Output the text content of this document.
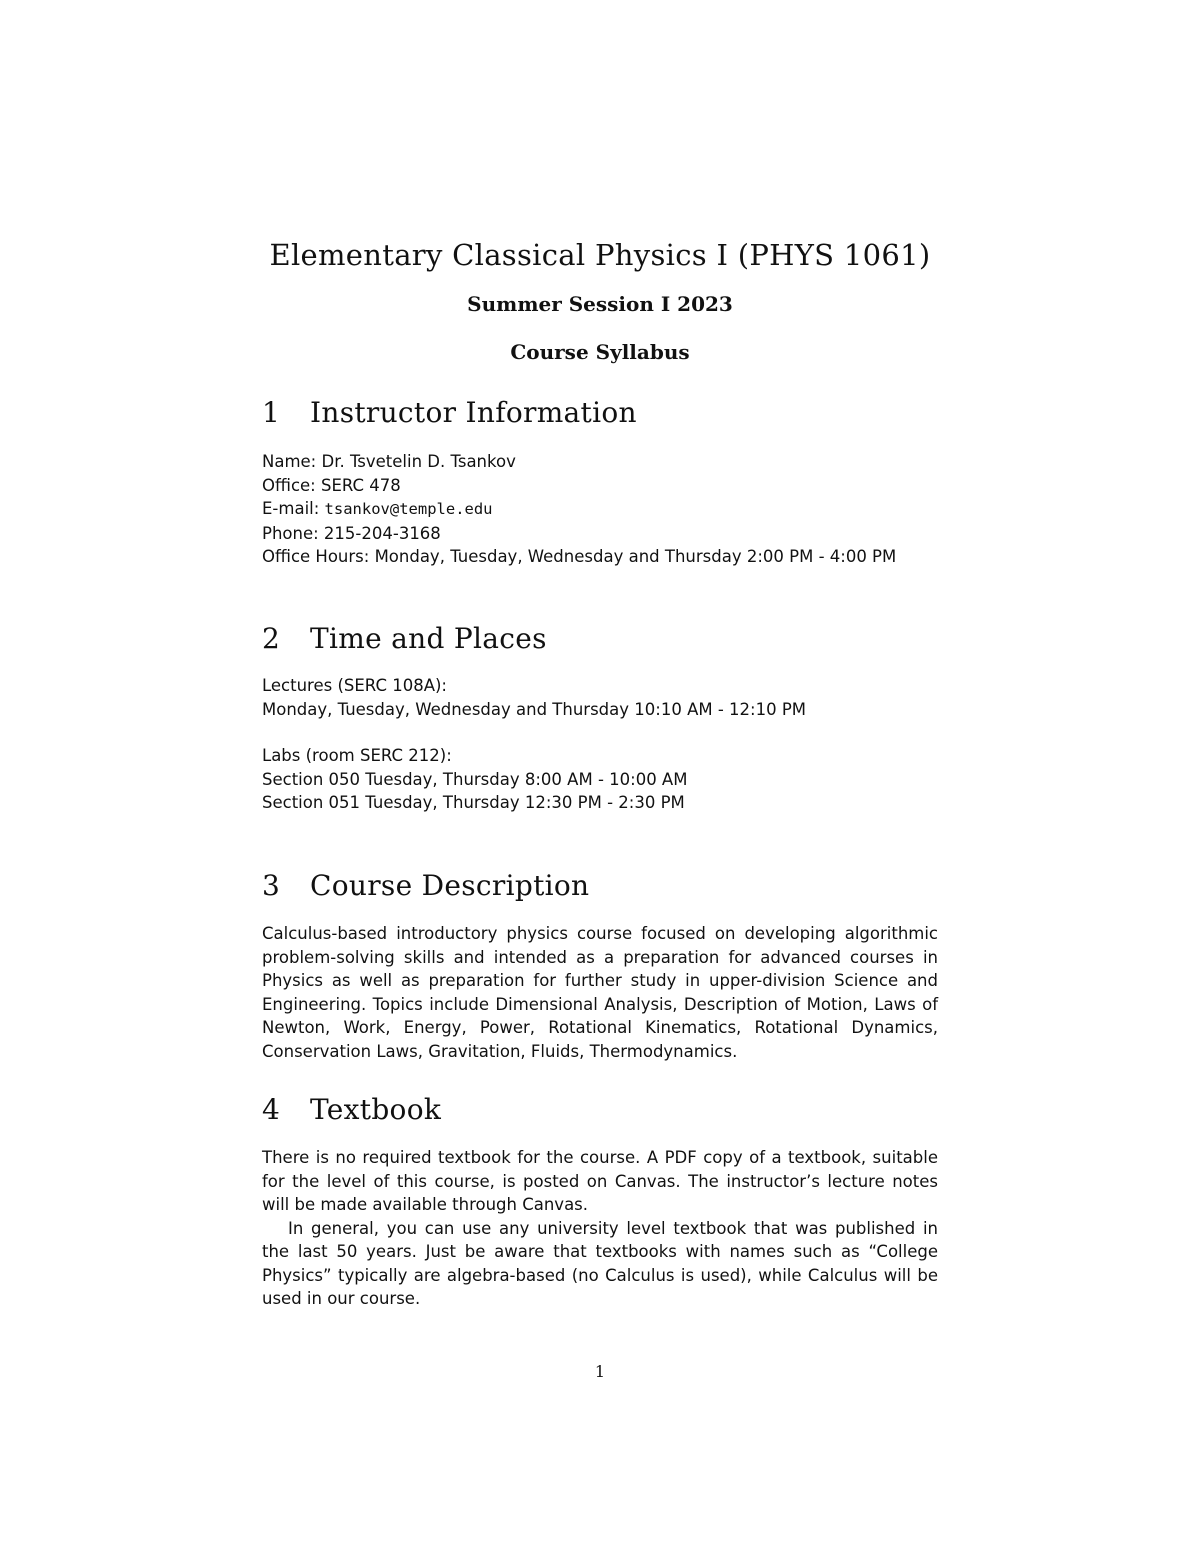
Elementary Classical Physics I (PHYS 1061)
Summer Session I 2023
Course Syllabus
1 Instructor Information
Name: Dr. Tsvetelin D. Tsankov
Office: SERC 478
E-mail: tsankov@temple.edu
Phone: 215-204-3168
Office Hours: Monday, Tuesday, Wednesday and Thursday 2:00 PM - 4:00 PM
2 Time and Places
Lectures (SERC 108A):
Monday, Tuesday, Wednesday and Thursday 10:10 AM - 12:10 PM
Labs (room SERC 212):
Section 050 Tuesday, Thursday 8:00 AM - 10:00 AM
Section 051 Tuesday, Thursday 12:30 PM - 2:30 PM
3 Course Description

Calculus-based introductory physics course focused on developing algorithmic problem-solving skills and intended as a preparation for advanced courses in Physics as well as preparation for further study in upper-division Science and Engineering. Topics include Dimensional Analysis, Description of Motion, Laws of Newton, Work, Energy, Power, Rotational Kinematics, Rotational Dynamics, Conservation Laws, Gravitation, Fluids, Thermodynamics.

4 Textbook

There is no required textbook for the course. A PDF copy of a textbook, suitable for the level of this course, is posted on Canvas. The instructor’s lecture notes will be made available through Canvas.

In general, you can use any university level textbook that was published in the last 50 years. Just be aware that textbooks with names such as “College Physics” typically are algebra-based (no Calculus is used), while Calculus will be used in our course.

1
